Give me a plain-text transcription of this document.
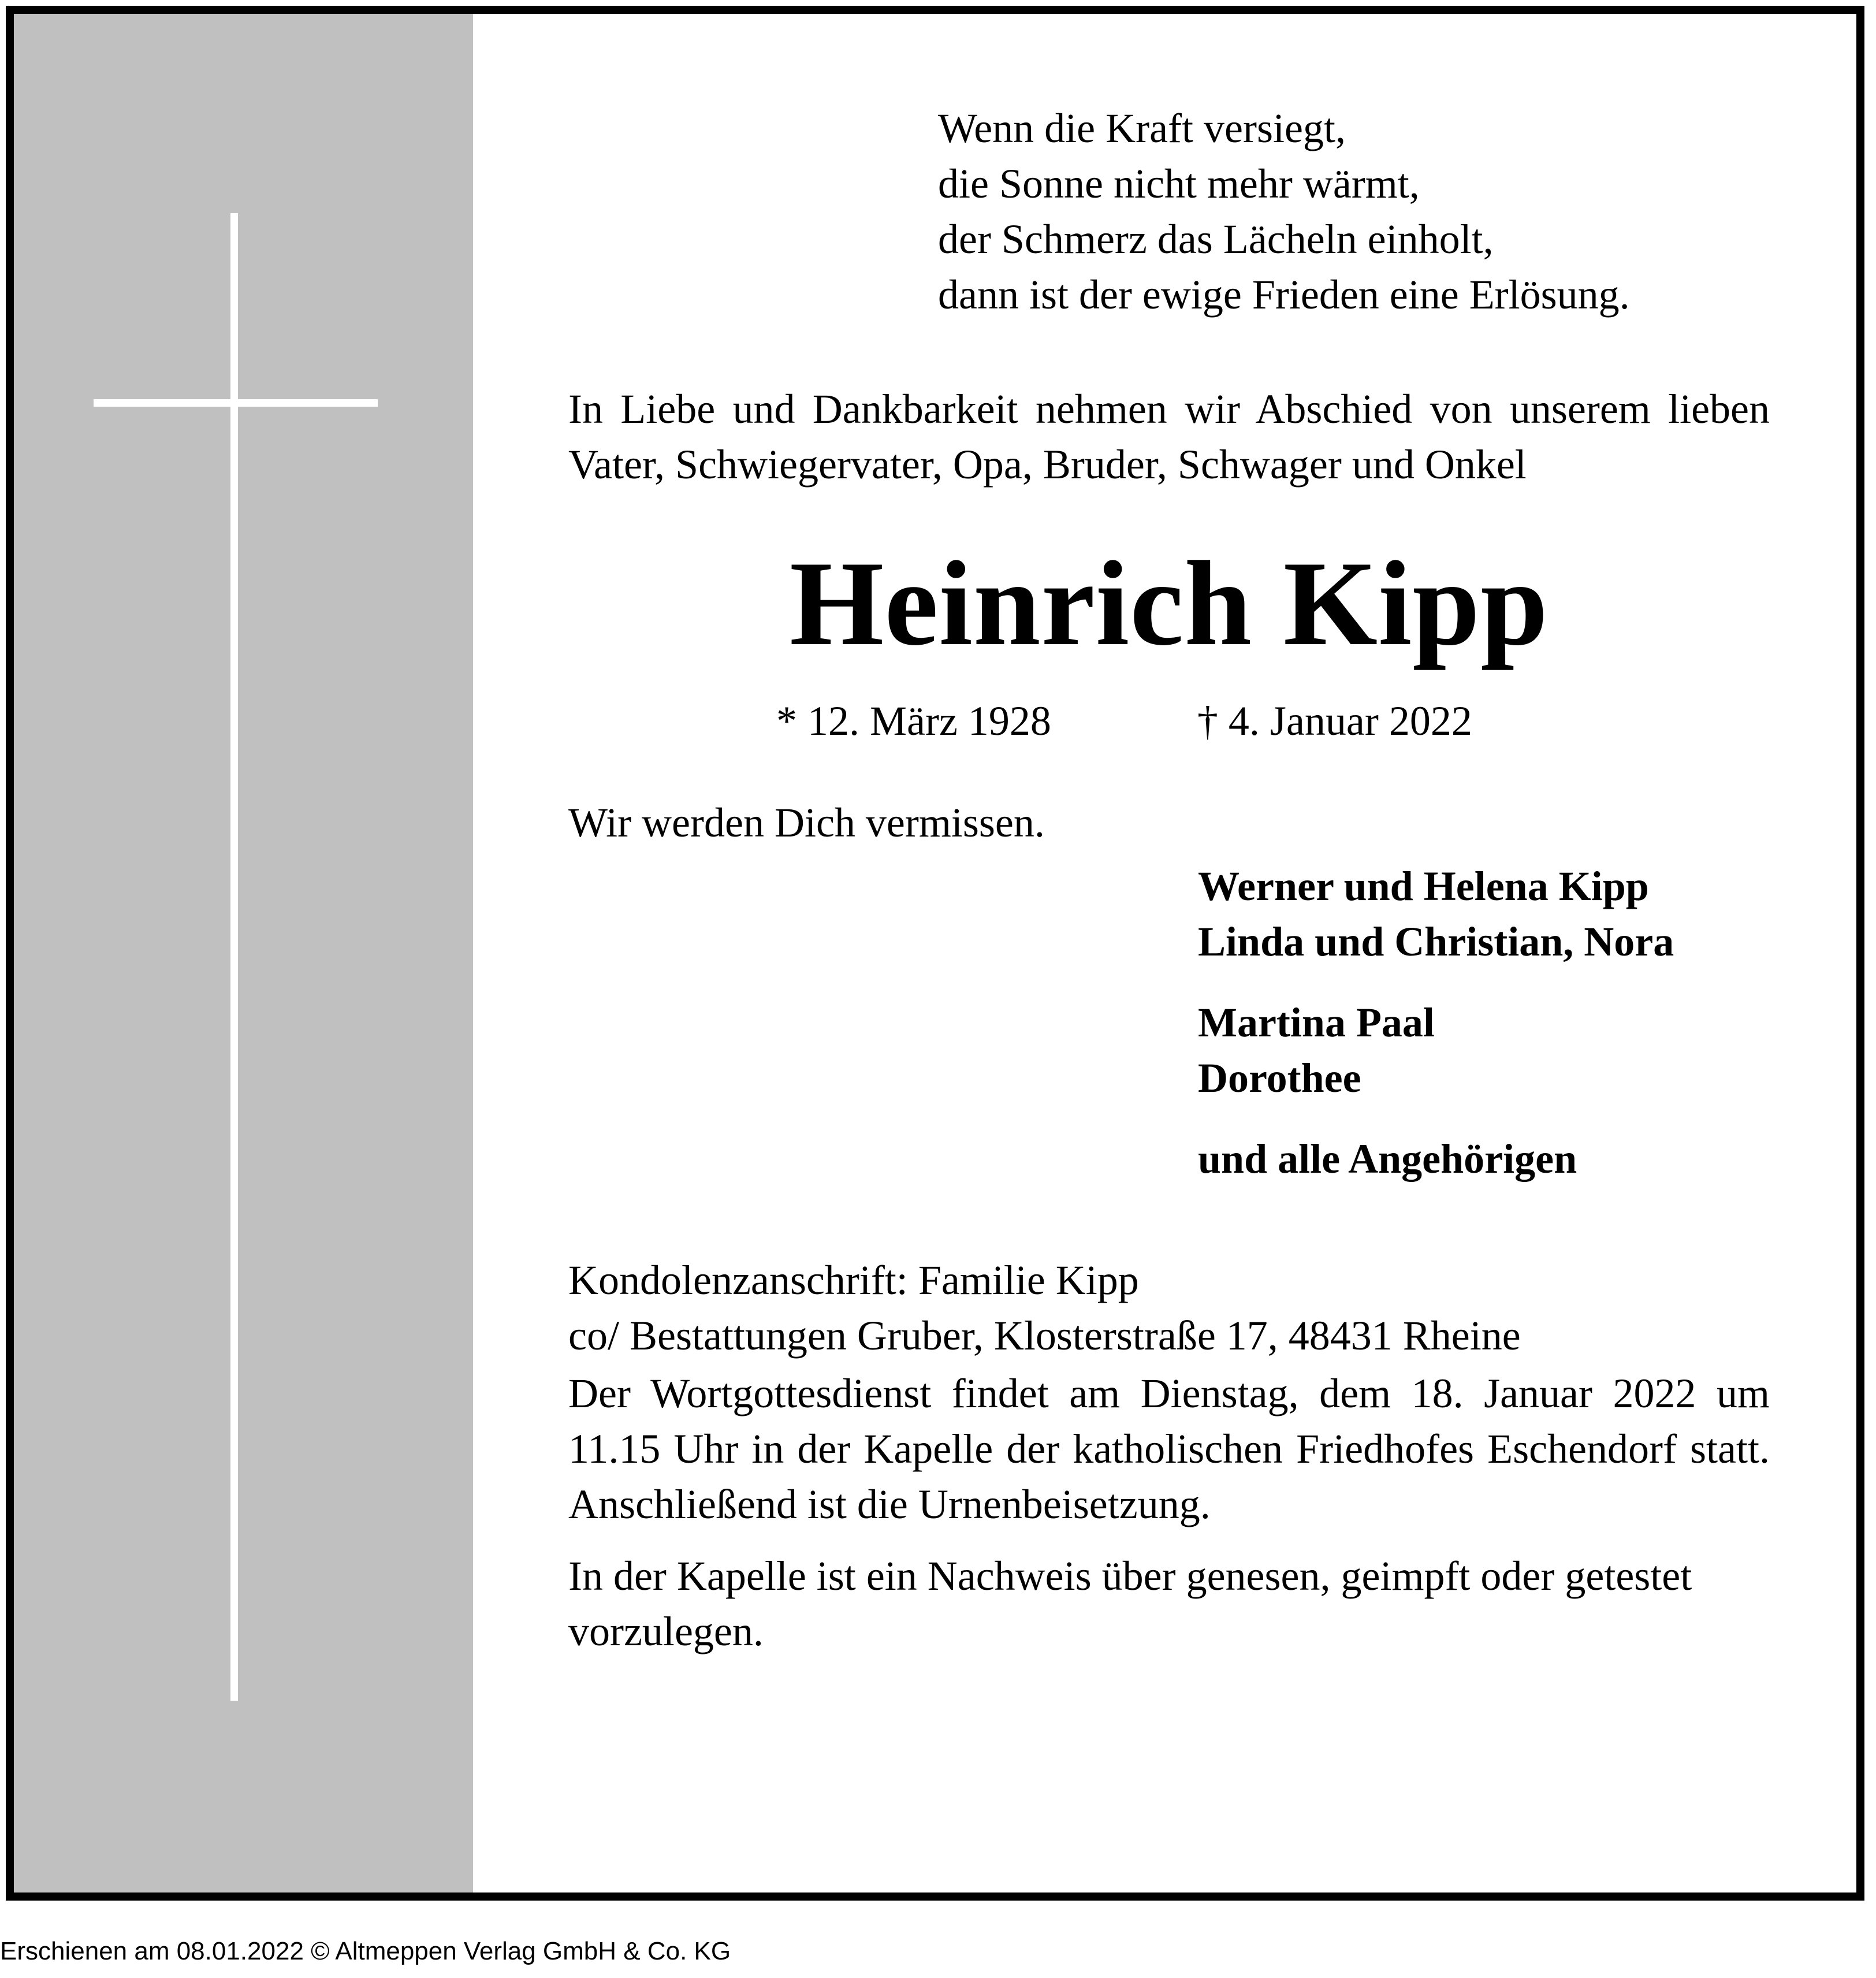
Wenn die Kraft versiegt,
die Sonne nicht mehr wärmt,
der Schmerz das Lächeln einholt,
dann ist der ewige Frieden eine Erlösung.
In Liebe und Dankbarkeit nehmen wir Abschied von unserem lieben Vater, Schwiegervater, Opa, Bruder, Schwager und Onkel
Heinrich Kipp
* 12. März 1928	† 4. Januar 2022
Wir werden Dich vermissen.
Werner und Helena Kipp
Linda und Christian, Nora
Martina Paal
Dorothee
und alle Angehörigen
Kondolenzanschrift: Familie Kipp
co/ Bestattungen Gruber, Klosterstraße 17, 48431 Rheine
Der Wortgottesdienst findet am Dienstag, dem 18. Januar 2022 um 11.15 Uhr in der Kapelle der katholischen Friedhofes Eschendorf statt. Anschließend ist die Urnenbeisetzung.
In der Kapelle ist ein Nachweis über genesen, geimpft oder getestet vorzulegen.
Erschienen am 08.01.2022 © Altmeppen Verlag GmbH & Co. KG
